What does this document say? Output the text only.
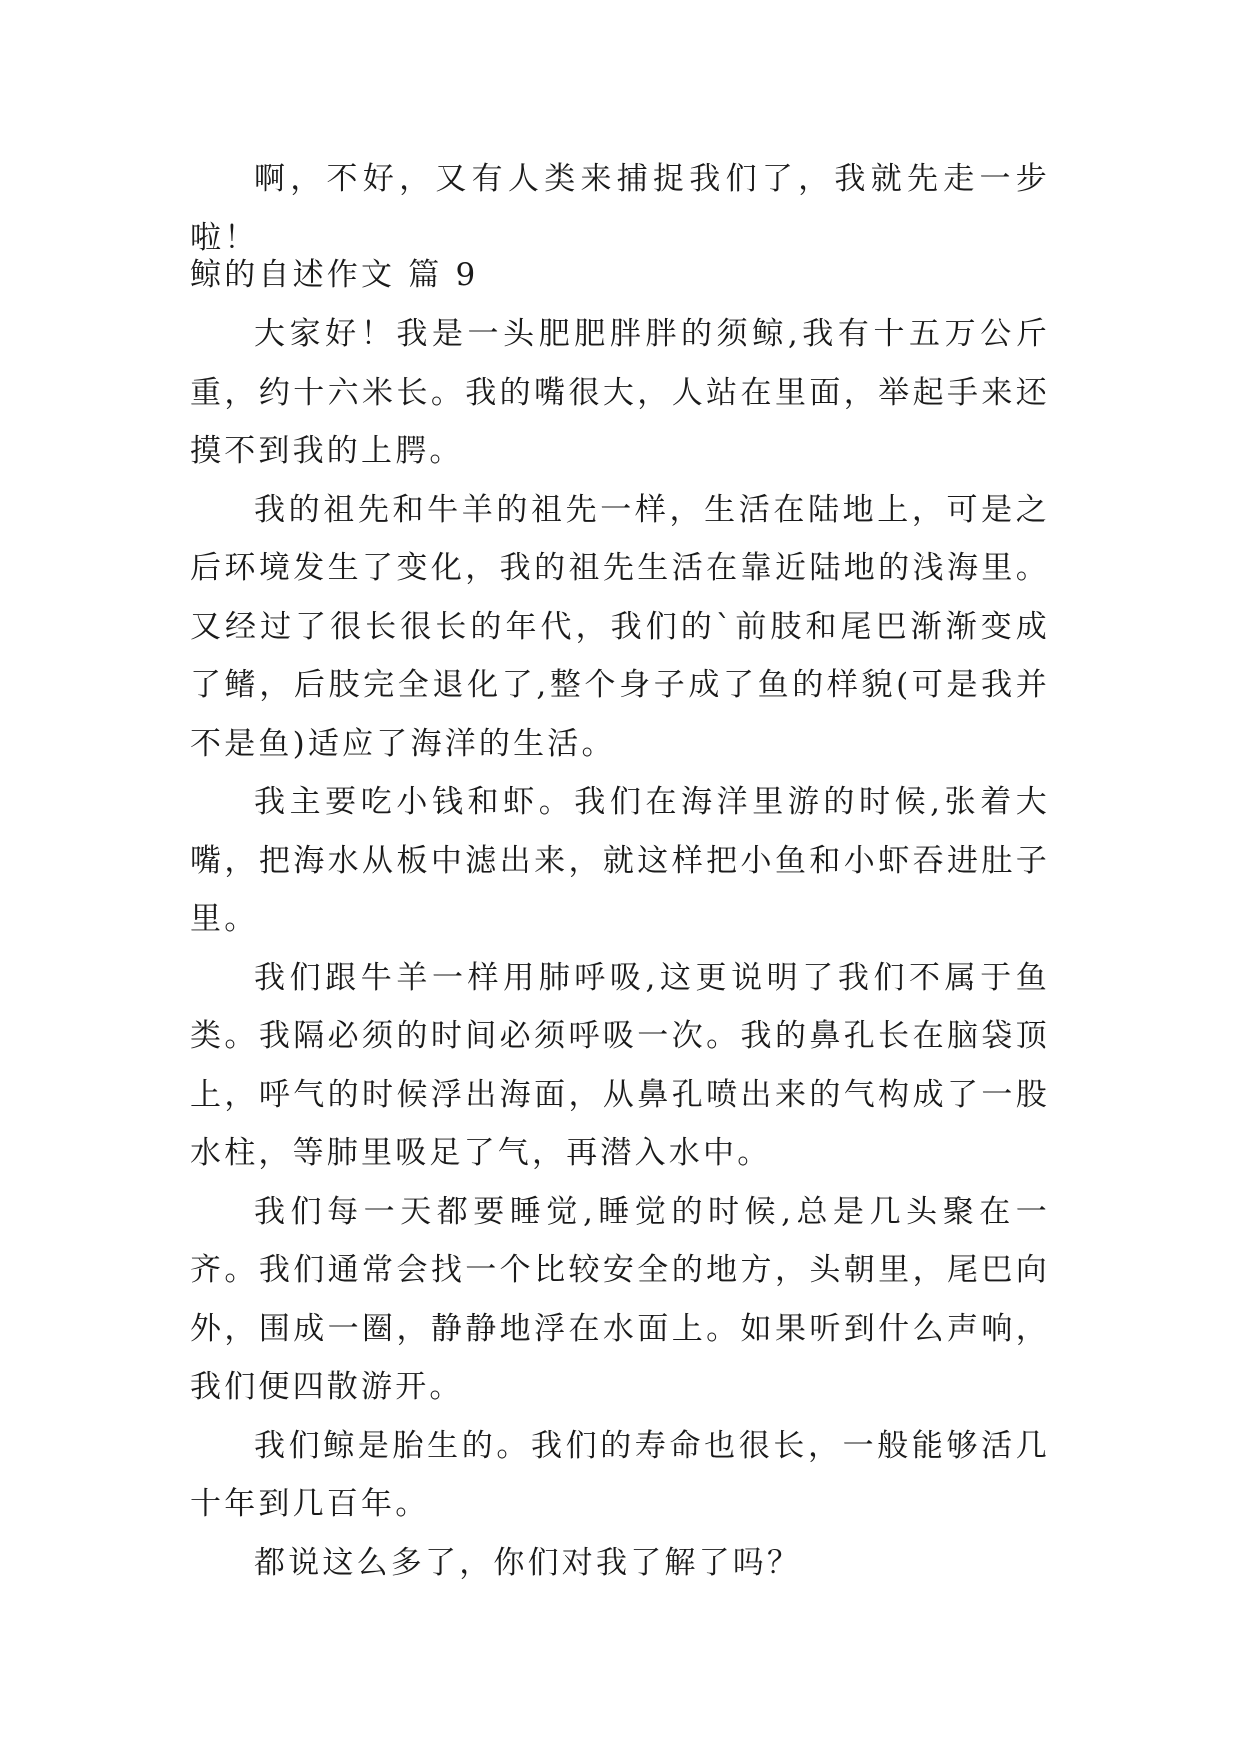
啊，不好，又有人类来捕捉我们了，我就先走一步啦！

鲸的自述作文 篇 9

大家好！我是一头肥肥胖胖的须鲸,我有十五万公斤重，约十六米长。我的嘴很大，人站在里面，举起手来还摸不到我的上腭。

我的祖先和牛羊的祖先一样，生活在陆地上，可是之后环境发生了变化，我的祖先生活在靠近陆地的浅海里。又经过了很长很长的年代，我们的`前肢和尾巴渐渐变成了鳍，后肢完全退化了,整个身子成了鱼的样貌(可是我并不是鱼)适应了海洋的生活。

我主要吃小钱和虾。我们在海洋里游的时候,张着大嘴，把海水从板中滤出来，就这样把小鱼和小虾吞进肚子里。

我们跟牛羊一样用肺呼吸,这更说明了我们不属于鱼类。我隔必须的时间必须呼吸一次。我的鼻孔长在脑袋顶上，呼气的时候浮出海面，从鼻孔喷出来的气构成了一股水柱，等肺里吸足了气，再潜入水中。

我们每一天都要睡觉,睡觉的时候,总是几头聚在一齐。我们通常会找一个比较安全的地方，头朝里，尾巴向外，围成一圈，静静地浮在水面上。如果听到什么声响，我们便四散游开。

我们鲸是胎生的。我们的寿命也很长，一般能够活几十年到几百年。

都说这么多了，你们对我了解了吗？
